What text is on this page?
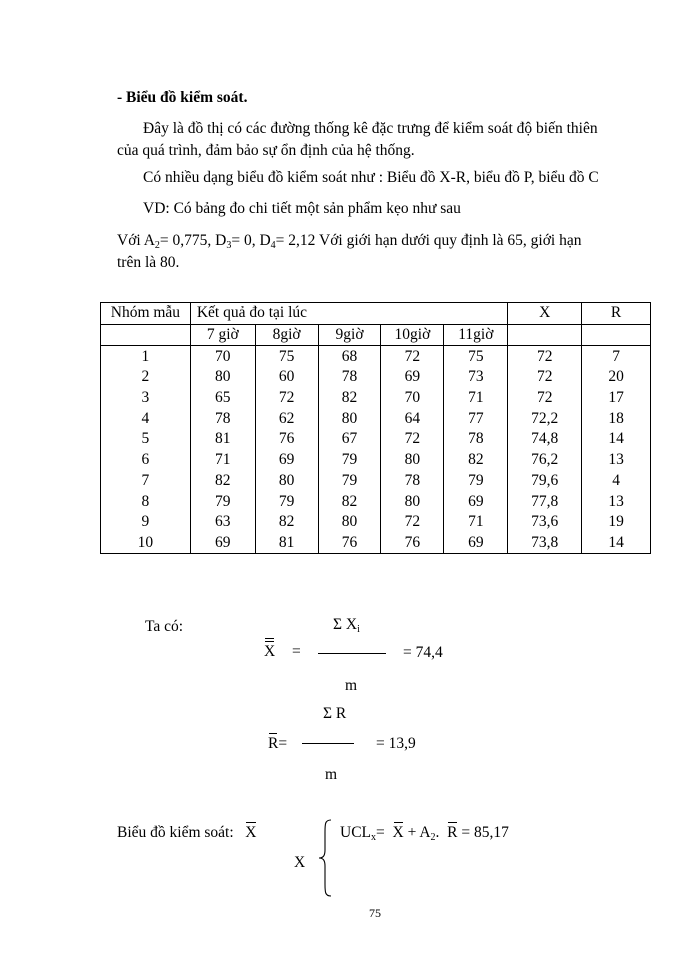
- Biểu đồ kiểm soát.
Đây là đồ thị có các đường thống kê đặc trưng để kiểm soát độ biến thiên
của quá trình, đảm bảo sự ổn định của hệ thống.
Có nhiều dạng biểu đồ kiểm soát như : Biểu đồ X-R, biểu đồ P, biểu đồ C
VD: Có bảng đo chi tiết một sản phẩm kẹo như sau
Với $A_2= 0,775$, $D_3= 0$, $D_4= 2,12$ Với giới hạn dưới quy định là 65, giới hạn
trên là 80.
Nhóm mẫu	Kết quả đo tại lúc					X	R
	7 giờ	8giờ	9giờ	10giờ	11giờ		
1	70	75	68	72	75	72	7
2	80	60	78	69	73	72	20
3	65	72	82	70	71	72	17
4	78	62	80	64	77	72,2	18
5	81	76	67	72	78	74,8	14
6	71	69	79	80	82	76,2	13
7	82	80	79	78	79	79,6	4
8	79	79	82	80	69	77,8	13
9	63	82	80	72	71	73,6	19
10	69	81	76	76	69	73,8	14
Ta có:	Σ $X_i$
X =	= 74,4
m
Σ R
R=	= 13,9
m
Biểu đồ kiểm soát: X
X
$UCL_x= X + A_2$. R = 85,17
75
